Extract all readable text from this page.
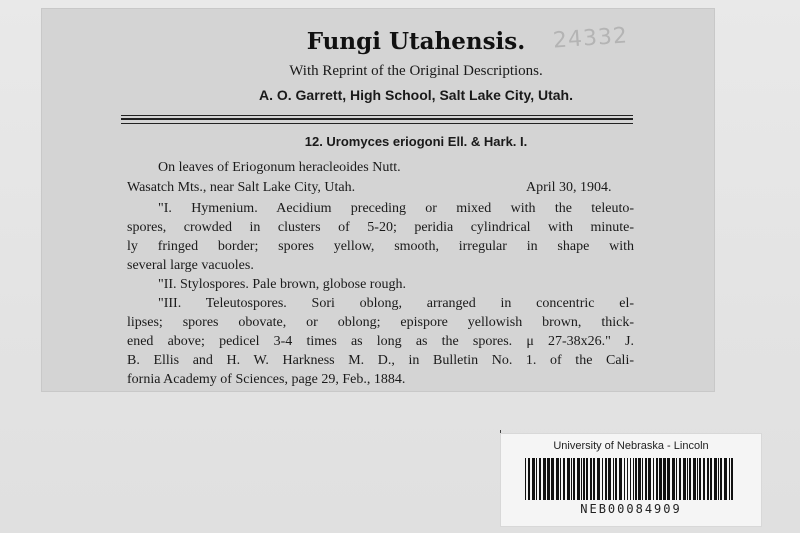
24332
Fungi Utahensis.
With Reprint of the Original Descriptions.
A. O. Garrett, High School, Salt Lake City, Utah.
12. Uromyces eriogoni Ell. & Hark. I.
On leaves of Eriogonum heracleoides Nutt.
Wasatch Mts., near Salt Lake City, Utah.	April 30, 1904.
"I. Hymenium. Aecidium preceding or mixed with the teleuto-
spores, crowded in clusters of 5-20; peridia cylindrical with minute-
ly fringed border; spores yellow, smooth, irregular in shape with
several large vacuoles.
"II. Stylospores. Pale brown, globose rough.
"III. Teleutospores. Sori oblong, arranged in concentric el-
lipses; spores obovate, or oblong; epispore yellowish brown, thick-
ened above; pedicel 3-4 times as long as the spores. μ 27-38x26." J.
B. Ellis and H. W. Harkness M. D., in Bulletin No. 1. of the Cali-
fornia Academy of Sciences, page 29, Feb., 1884.
University of Nebraska - Lincoln
NEB00084909
